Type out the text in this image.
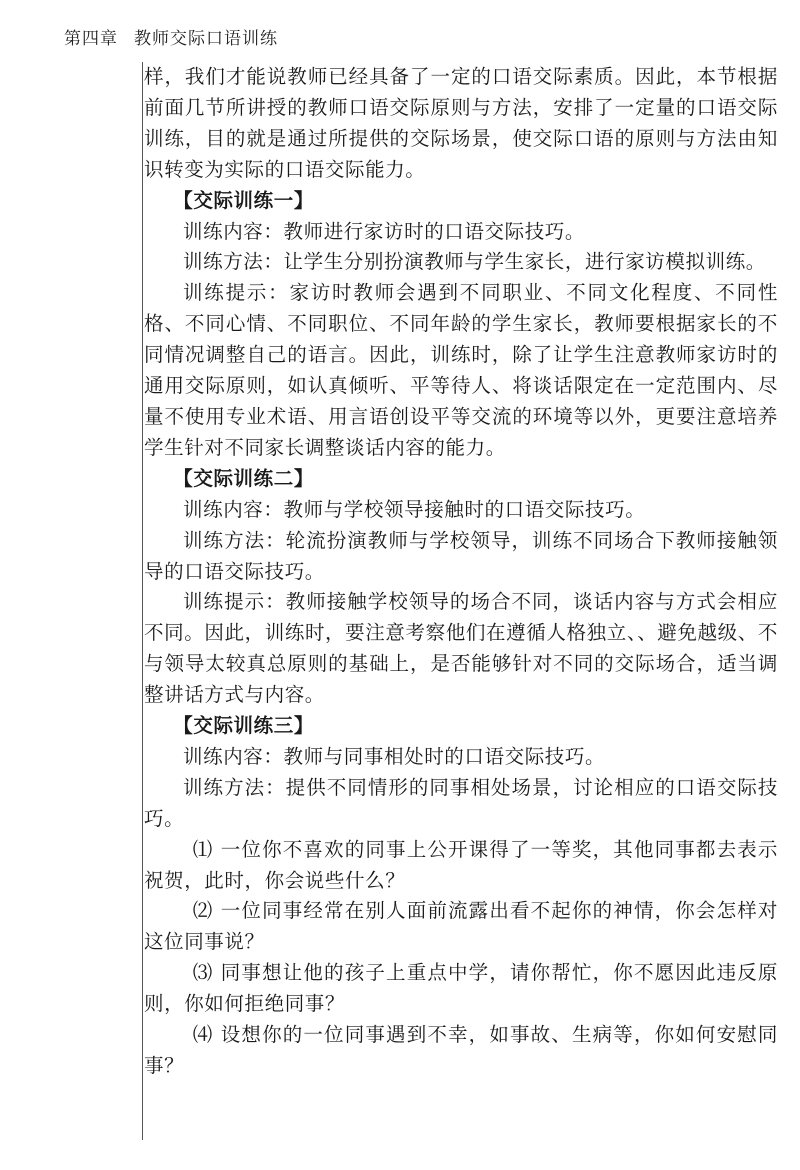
第四章 教师交际口语训练

样，我们才能说教师已经具备了一定的口语交际素质。因此，本节根据前面几节所讲授的教师口语交际原则与方法，安排了一定量的口语交际训练，目的就是通过所提供的交际场景，使交际口语的原则与方法由知识转变为实际的口语交际能力。

【交际训练一】

训练内容：教师进行家访时的口语交际技巧。

训练方法：让学生分别扮演教师与学生家长，进行家访模拟训练。

训练提示：家访时教师会遇到不同职业、不同文化程度、不同性格、不同心情、不同职位、不同年龄的学生家长，教师要根据家长的不同情况调整自己的语言。因此，训练时，除了让学生注意教师家访时的通用交际原则，如认真倾听、平等待人、将谈话限定在一定范围内、尽量不使用专业术语、用言语创设平等交流的环境等以外，更要注意培养学生针对不同家长调整谈话内容的能力。

【交际训练二】

训练内容：教师与学校领导接触时的口语交际技巧。

训练方法：轮流扮演教师与学校领导，训练不同场合下教师接触领导的口语交际技巧。

训练提示：教师接触学校领导的场合不同，谈话内容与方式会相应不同。因此，训练时，要注意考察他们在遵循人格独立、、避免越级、不与领导太较真总原则的基础上，是否能够针对不同的交际场合，适当调整讲话方式与内容。

【交际训练三】

训练内容：教师与同事相处时的口语交际技巧。

训练方法：提供不同情形的同事相处场景，讨论相应的口语交际技巧。

⑴ 一位你不喜欢的同事上公开课得了一等奖，其他同事都去表示祝贺，此时，你会说些什么？

⑵ 一位同事经常在别人面前流露出看不起你的神情，你会怎样对这位同事说？

⑶ 同事想让他的孩子上重点中学，请你帮忙，你不愿因此违反原则，你如何拒绝同事？

⑷ 设想你的一位同事遇到不幸，如事故、生病等，你如何安慰同事？
